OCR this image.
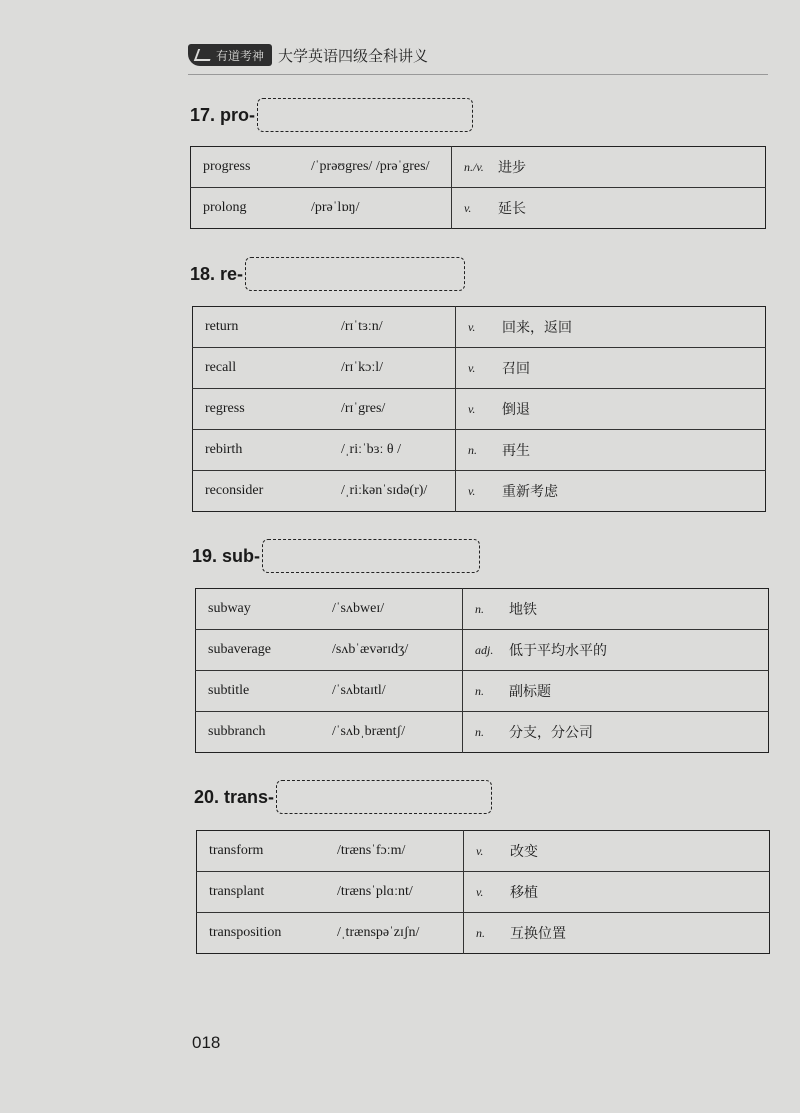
有道考神 大学英语四级全科讲义
17. pro-
progress	/ˈprəʊgres/ /prəˈgres/	n./v.	进步
prolong	/prəˈlɒŋ/	v.	延长
18. re-
return	/rɪˈtɜːn/	v.	回来，返回
recall	/rɪˈkɔːl/	v.	召回
regress	/rɪˈgres/	v.	倒退
rebirth	/ˌriːˈbɜː θ /	n.	再生
reconsider	/ˌriːkənˈsɪdə(r)/	v.	重新考虑
19. sub-
subway	/ˈsʌbweɪ/	n.	地铁
subaverage	/sʌbˈævərɪdʒ/	adj.	低于平均水平的
subtitle	/ˈsʌbtaɪtl/	n.	副标题
subbranch	/ˈsʌbˌbræntʃ/	n.	分支，分公司
20. trans-
transform	/trænsˈfɔːm/	v.	改变
transplant	/trænsˈplɑːnt/	v.	移植
transposition	/ˌtrænspəˈzɪʃn/	n.	互换位置
018
